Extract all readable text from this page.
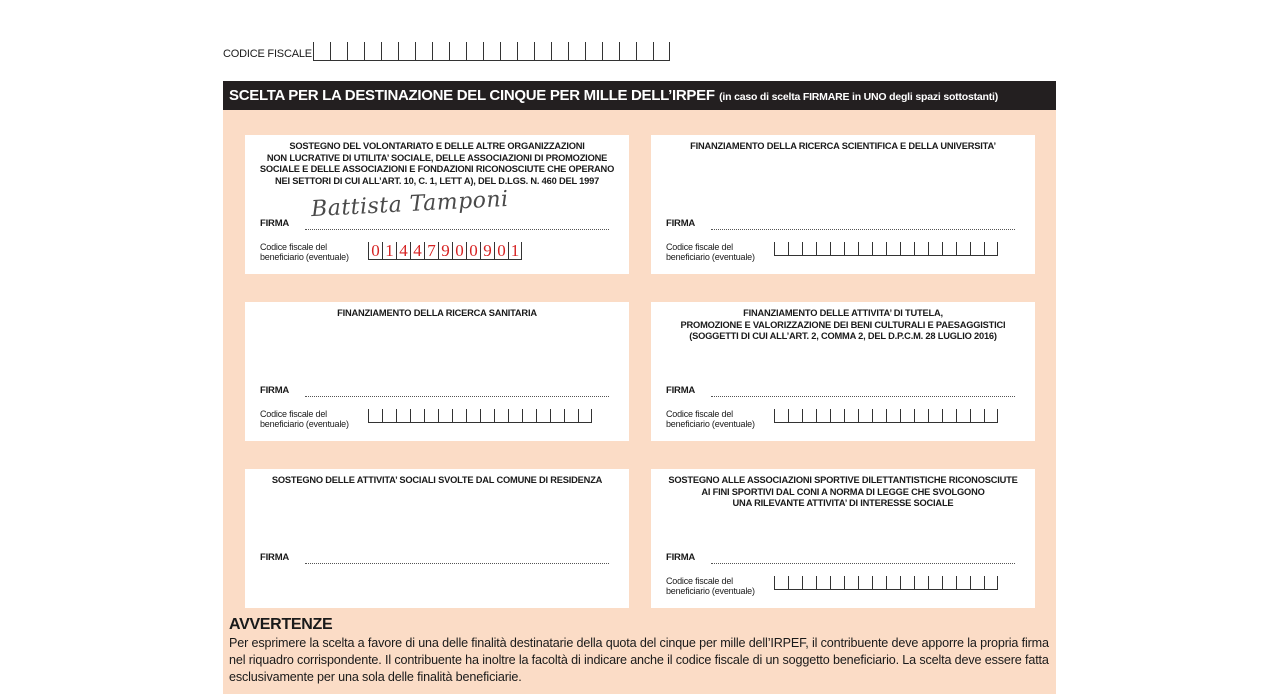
CODICE FISCALE
SCELTA PER LA DESTINAZIONE DEL CINQUE PER MILLE DELL’IRPEF (in caso di scelta FIRMARE in UNO degli spazi sottostanti)
SOSTEGNO DEL VOLONTARIATO E DELLE ALTRE ORGANIZZAZIONI
NON LUCRATIVE DI UTILITA’ SOCIALE, DELLE ASSOCIAZIONI DI PROMOZIONE
SOCIALE E DELLE ASSOCIAZIONI E FONDAZIONI RICONOSCIUTE CHE OPERANO
NEI SETTORI DI CUI ALL’ART. 10, C. 1, LETT A), DEL D.LGS. N. 460 DEL 1997
FIRMA
Battista Tamponi
Codice fiscale del
beneficiario (eventuale) 0 1 4 4 7 9 0 0 9 0 1
FINANZIAMENTO DELLA RICERCA SCIENTIFICA E DELLA UNIVERSITA’
FIRMA
Codice fiscale del
beneficiario (eventuale)
FINANZIAMENTO DELLA RICERCA SANITARIA
FIRMA
Codice fiscale del
beneficiario (eventuale)
FINANZIAMENTO DELLE ATTIVITA’ DI TUTELA,
PROMOZIONE E VALORIZZAZIONE DEI BENI CULTURALI E PAESAGGISTICI
(SOGGETTI DI CUI ALL’ART. 2, COMMA 2, DEL D.P.C.M. 28 LUGLIO 2016)
FIRMA
Codice fiscale del
beneficiario (eventuale)
SOSTEGNO DELLE ATTIVITA’ SOCIALI SVOLTE DAL COMUNE DI RESIDENZA
FIRMA
SOSTEGNO ALLE ASSOCIAZIONI SPORTIVE DILETTANTISTICHE RICONOSCIUTE
AI FINI SPORTIVI DAL CONI A NORMA DI LEGGE CHE SVOLGONO
UNA RILEVANTE ATTIVITA’ DI INTERESSE SOCIALE
FIRMA
Codice fiscale del
beneficiario (eventuale)
AVVERTENZE
Per esprimere la scelta a favore di una delle finalità destinatarie della quota del cinque per mille dell’IRPEF, il contribuente deve apporre la propria firma nel riquadro corrispondente. Il contribuente ha inoltre la facoltà di indicare anche il codice fiscale di un soggetto beneficiario. La scelta deve essere fatta esclusivamente per una sola delle finalità beneficiarie.
